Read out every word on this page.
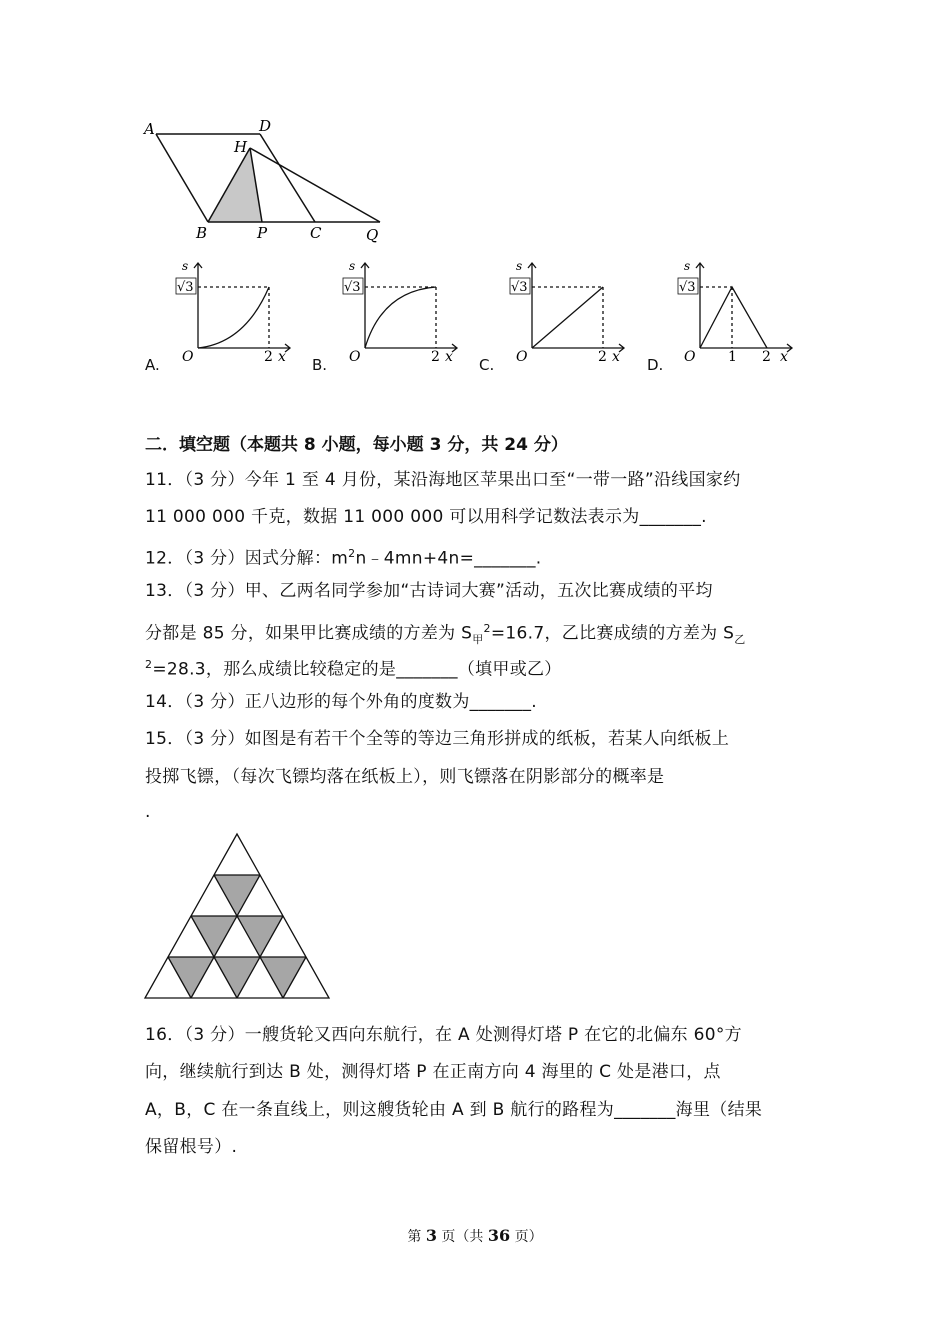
A	D
H
B	P	C	Q
A.	B.	C.	D.
s
√3
O	2 x
s
√3
O	2 x
s
√3
O	2 x
s
√3
O 1 2 x
二．填空题（本题共 8 小题，每小题 3 分，共 24 分）
11．（3 分）今年 1 至 4 月份，某沿海地区苹果出口至“一带一路”沿线国家约
11 000 000 千克，数据 11 000 000 可以用科学记数法表示为_______.
12．（3 分）因式分解：$m^2n﹣4mn+4n=\_\_\_\_\_\_\_$.
13．（3 分）甲、乙两名同学参加“古诗词大赛”活动，五次比赛成绩的平均
分都是 85 分，如果甲比赛成绩的方差为 $S_甲^2=16.7$，乙比赛成绩的方差为 $S_乙$
$^2$=28.3，那么成绩比较稳定的是_______（填甲或乙）
14．（3 分）正八边形的每个外角的度数为_______.
15．（3 分）如图是有若干个全等的等边三角形拼成的纸板，若某人向纸板上
投掷飞镖，（每次飞镖均落在纸板上），则飞镖落在阴影部分的概率是
.
16．（3 分）一艘货轮又西向东航行，在 A 处测得灯塔 P 在它的北偏东 60°方
向，继续航行到达 B 处，测得灯塔 P 在正南方向 4 海里的 C 处是港口，点
A，B，C 在一条直线上，则这艘货轮由 A 到 B 航行的路程为_______海里（结果
保留根号）.
第 3 页（共 36 页）
